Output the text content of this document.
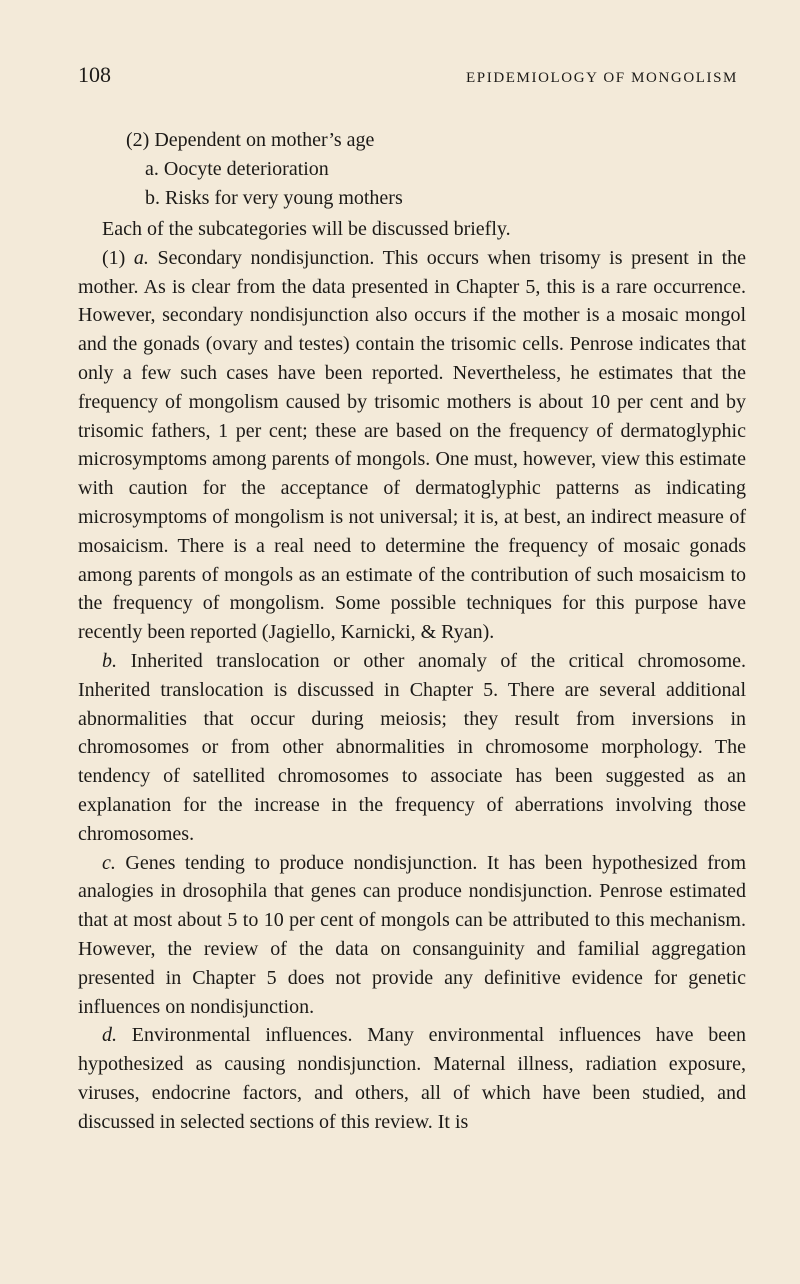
108	EPIDEMIOLOGY OF MONGOLISM
(2) Dependent on mother’s age
a. Oocyte deterioration
b. Risks for very young mothers

Each of the subcategories will be discussed briefly.

(1) a. Secondary nondisjunction. This occurs when trisomy is present in the mother. As is clear from the data presented in Chapter 5, this is a rare occurrence. However, secondary nondisjunction also occurs if the mother is a mosaic mongol and the gonads (ovary and testes) contain the trisomic cells. Penrose indicates that only a few such cases have been reported. Nevertheless, he estimates that the frequency of mongolism caused by trisomic mothers is about 10 per cent and by trisomic fathers, 1 per cent; these are based on the frequency of dermatoglyphic microsymptoms among parents of mongols. One must, however, view this estimate with caution for the acceptance of dermatoglyphic patterns as indicating microsymptoms of mongolism is not universal; it is, at best, an indirect measure of mosaicism. There is a real need to determine the frequency of mosaic gonads among parents of mongols as an estimate of the contribution of such mosaicism to the frequency of mongolism. Some possible techniques for this purpose have recently been reported (Jagiello, Karnicki, & Ryan).

b. Inherited translocation or other anomaly of the critical chromosome. Inherited translocation is discussed in Chapter 5. There are several additional abnormalities that occur during meiosis; they result from inversions in chromosomes or from other abnormalities in chromosome morphology. The tendency of satellited chromosomes to associate has been suggested as an explanation for the increase in the frequency of aberrations involving those chromosomes.

c. Genes tending to produce nondisjunction. It has been hypothesized from analogies in drosophila that genes can produce nondisjunction. Penrose estimated that at most about 5 to 10 per cent of mongols can be attributed to this mechanism. However, the review of the data on consanguinity and familial aggregation presented in Chapter 5 does not provide any definitive evidence for genetic influences on nondisjunction.

d. Environmental influences. Many environmental influences have been hypothesized as causing nondisjunction. Maternal illness, radiation exposure, viruses, endocrine factors, and others, all of which have been studied, and discussed in selected sections of this review. It is
